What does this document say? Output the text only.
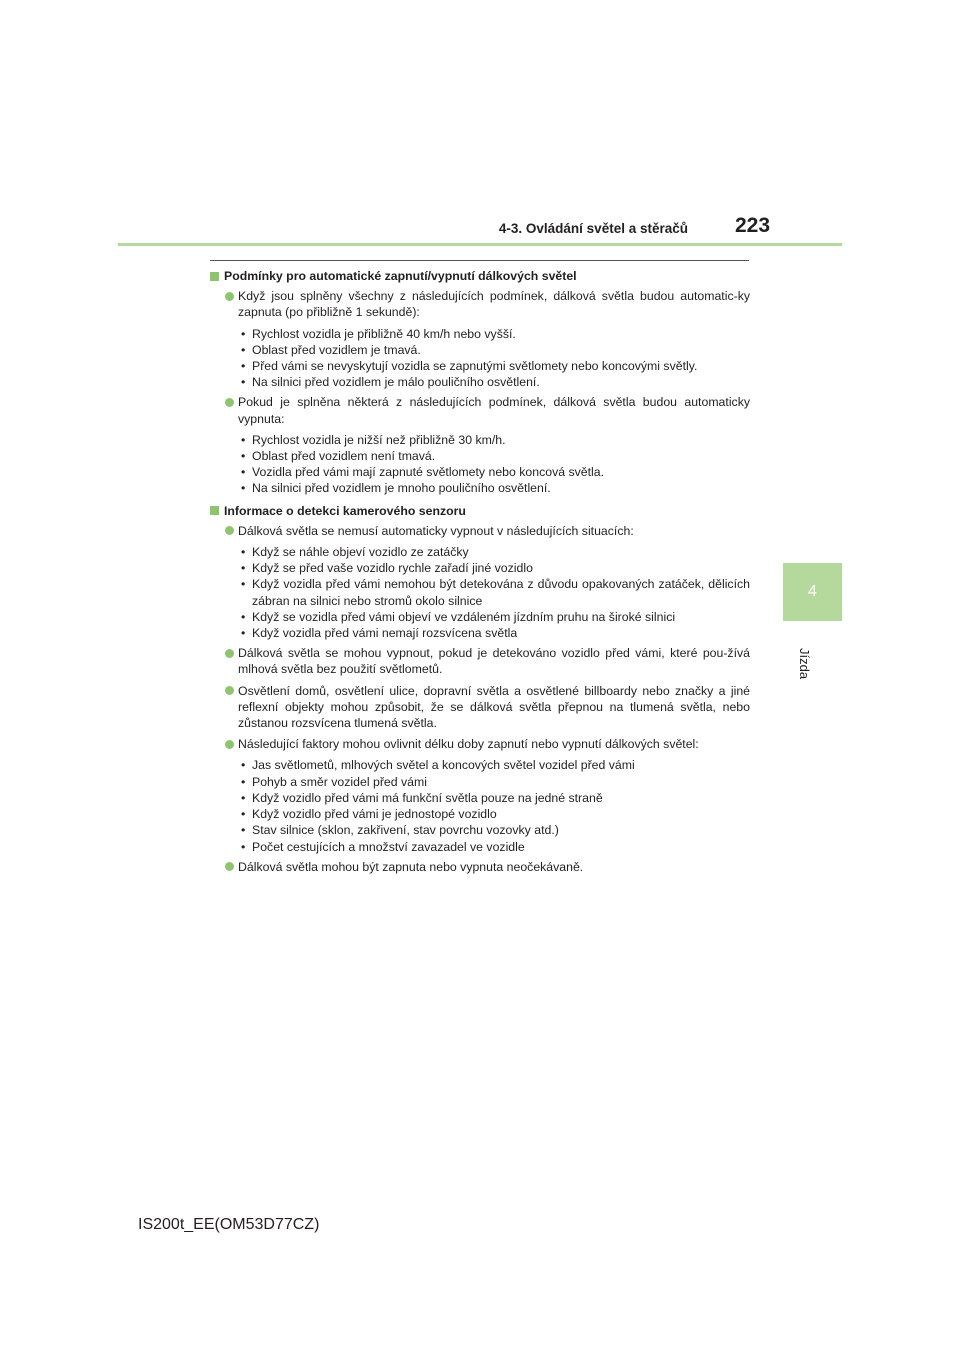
4-3. Ovládání světel a stěračů 223
4
Jízda
Podmínky pro automatické zapnutí/vypnutí dálkových světel
Když jsou splněny všechny z následujících podmínek, dálková světla budou automatic-ky zapnuta (po přibližně 1 sekundě):
• Rychlost vozidla je přibližně 40 km/h nebo vyšší.
• Oblast před vozidlem je tmavá.
• Před vámi se nevyskytují vozidla se zapnutými světlomety nebo koncovými světly.
• Na silnici před vozidlem je málo pouličního osvětlení.
Pokud je splněna některá z následujících podmínek, dálková světla budou automaticky vypnuta:
• Rychlost vozidla je nižší než přibližně 30 km/h.
• Oblast před vozidlem není tmavá.
• Vozidla před vámi mají zapnuté světlomety nebo koncová světla.
• Na silnici před vozidlem je mnoho pouličního osvětlení.
Informace o detekci kamerového senzoru
Dálková světla se nemusí automaticky vypnout v následujících situacích:
• Když se náhle objeví vozidlo ze zatáčky
• Když se před vaše vozidlo rychle zařadí jiné vozidlo
• Když vozidla před vámi nemohou být detekována z důvodu opakovaných zatáček, dělicích zábran na silnici nebo stromů okolo silnice
• Když se vozidla před vámi objeví ve vzdáleném jízdním pruhu na široké silnici
• Když vozidla před vámi nemají rozsvícena světla
Dálková světla se mohou vypnout, pokud je detekováno vozidlo před vámi, které pou-žívá mlhová světla bez použití světlometů.
Osvětlení domů, osvětlení ulice, dopravní světla a osvětlené billboardy nebo značky a jiné reflexní objekty mohou způsobit, že se dálková světla přepnou na tlumená světla, nebo zůstanou rozsvícena tlumená světla.
Následující faktory mohou ovlivnit délku doby zapnutí nebo vypnutí dálkových světel:
• Jas světlometů, mlhových světel a koncových světel vozidel před vámi
• Pohyb a směr vozidel před vámi
• Když vozidlo před vámi má funkční světla pouze na jedné straně
• Když vozidlo před vámi je jednostopé vozidlo
• Stav silnice (sklon, zakřivení, stav povrchu vozovky atd.)
• Počet cestujících a množství zavazadel ve vozidle
Dálková světla mohou být zapnuta nebo vypnuta neočekávaně.
IS200t_EE(OM53D77CZ)
